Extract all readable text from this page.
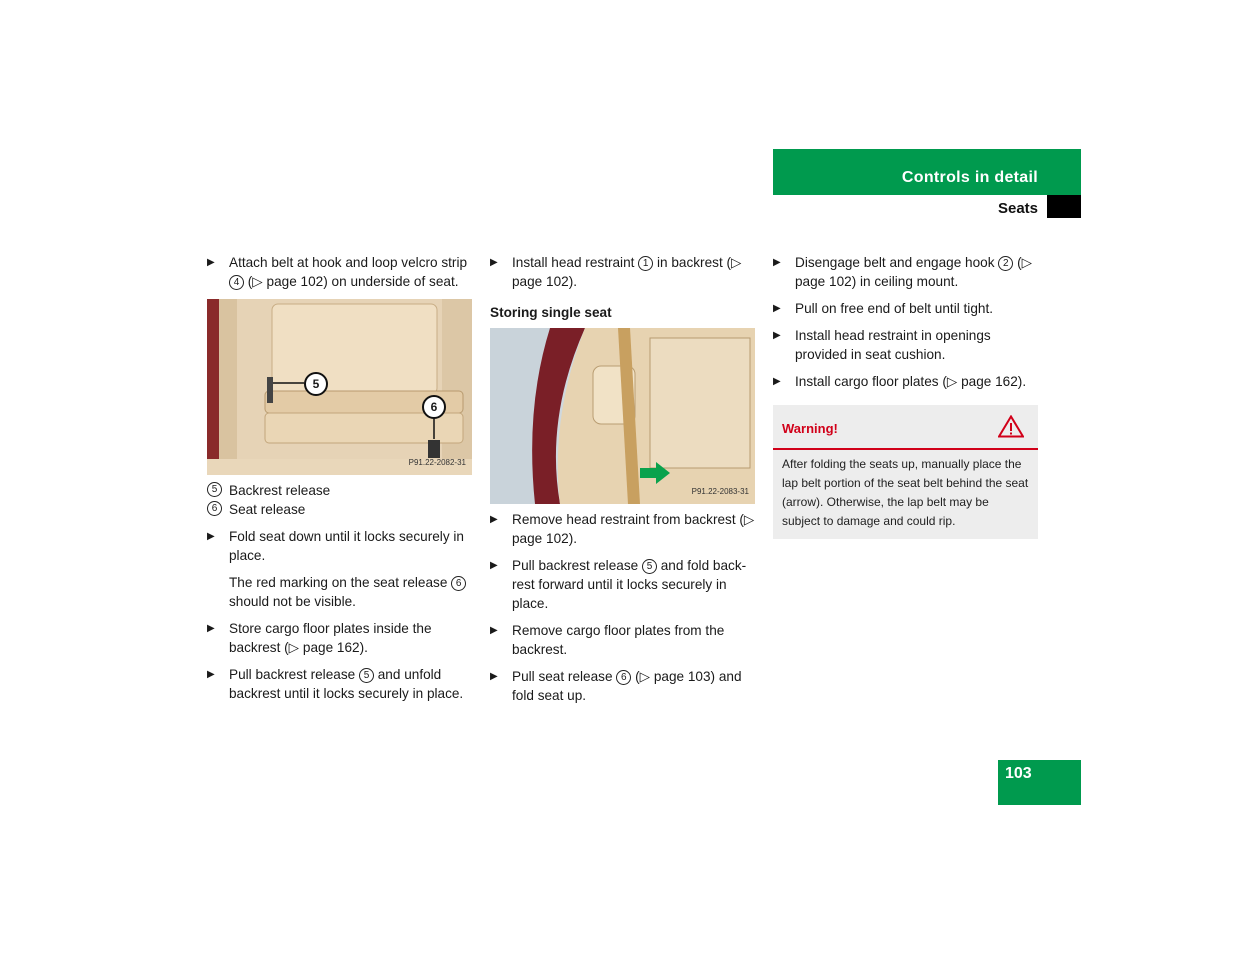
Controls in detail
Seats
▶ Attach belt at hook and loop velcro strip 4 (▷ page 102) on underside of seat.
5
6
P91.22-2082-31

5 Backrest release

6 Seat release

▶ Fold seat down until it locks securely in place.
The red marking on the seat release 6 should not be visible.
▶ Store cargo floor plates inside the backrest (▷ page 162).
▶ Pull backrest release 5 and unfold backrest until it locks securely in place.
▶ Install head restraint 1 in backrest (▷ page 102).
Storing single seat
P91.22-2083-31
▶ Remove head restraint from backrest (▷ page 102).
▶ Pull backrest release 5 and fold back-rest forward until it locks securely in place.
▶ Remove cargo floor plates from the backrest.
▶ Pull seat release 6 (▷ page 103) and fold seat up.
▶ Disengage belt and engage hook 2 (▷ page 102) in ceiling mount.
▶ Pull on free end of belt until tight.
▶ Install head restraint in openings provided in seat cushion.
▶ Install cargo floor plates (▷ page 162).
Warning!
After folding the seats up, manually place the lap belt portion of the seat belt behind the seat (arrow). Otherwise, the lap belt may be subject to damage and could rip.
103
